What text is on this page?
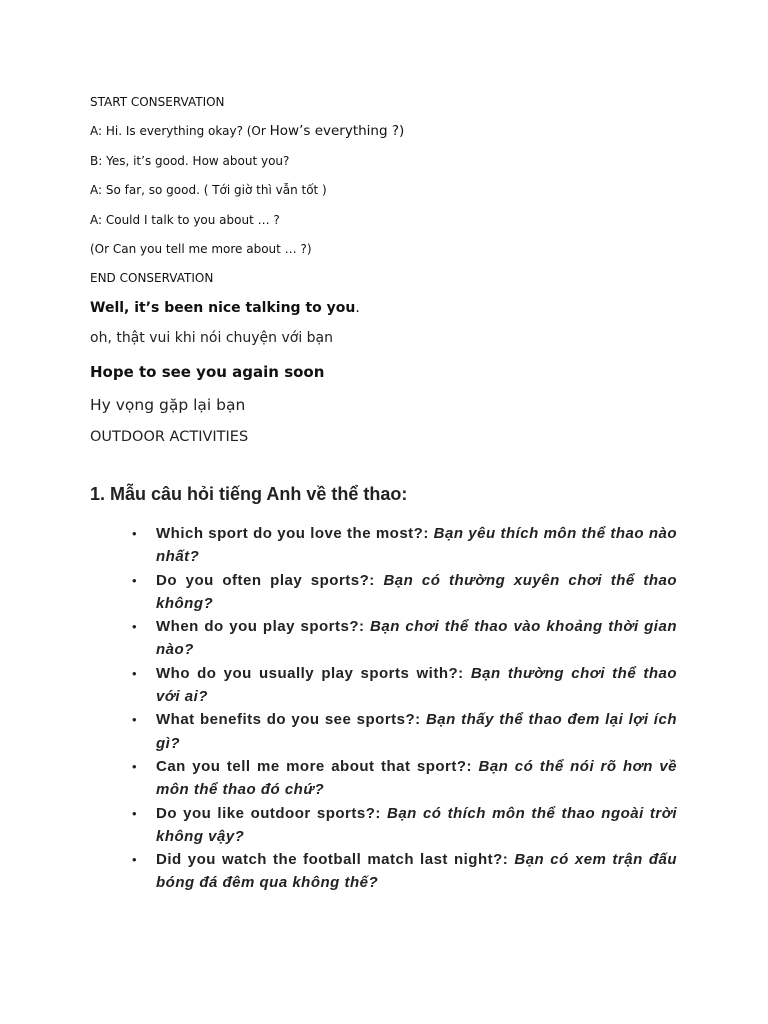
START CONSERVATION
A: Hi. Is everything okay? (Or How’s everything ?)
B: Yes, it’s good. How about you?
A: So far, so good. ( Tới giờ thì vẫn tốt )
A: Could I talk to you about … ?
(Or Can you tell me more about … ?)
END CONSERVATION
Well, it’s been nice talking to you.
oh, thật vui khi nói chuyện với bạn
Hope to see you again soon
Hy vọng gặp lại bạn
OUTDOOR ACTIVITIES
1. Mẫu câu hỏi tiếng Anh về thể thao:
• Which sport do you love the most?: Bạn yêu thích môn thể thao nào nhất?
• Do you often play sports?: Bạn có thường xuyên chơi thể thao không?
• When do you play sports?: Bạn chơi thể thao vào khoảng thời gian nào?
• Who do you usually play sports with?: Bạn thường chơi thể thao với ai?
• What benefits do you see sports?: Bạn thấy thể thao đem lại lợi ích gì?
• Can you tell me more about that sport?: Bạn có thể nói rõ hơn về môn thể thao đó chứ?
• Do you like outdoor sports?: Bạn có thích môn thể thao ngoài trời không vậy?
• Did you watch the football match last night?: Bạn có xem trận đấu bóng đá đêm qua không thế?
